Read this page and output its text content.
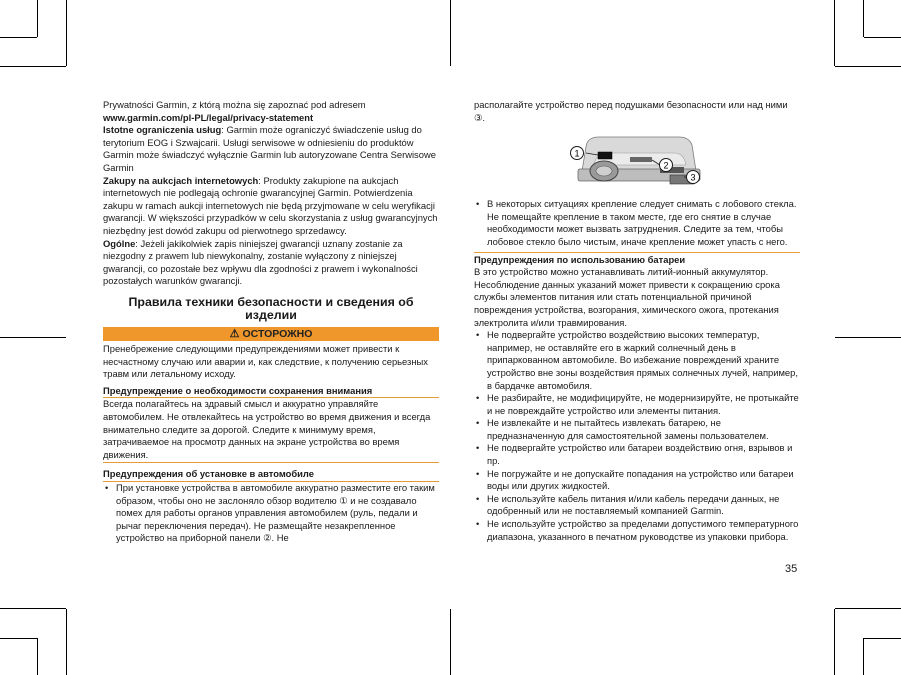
Prywatności Garmin, z którą można się zapoznać pod adresem
www.garmin.com/pl-PL/legal/privacy-statement

Istotne ograniczenia usług: Garmin może ograniczyć świadczenie usług do terytorium EOG i Szwajcarii. Usługi serwisowe w odniesieniu do produktów Garmin może świadczyć wyłącznie Garmin lub autoryzowane Centra Serwisowe Garmin

Zakupy na aukcjach internetowych: Produkty zakupione na aukcjach internetowych nie podlegają ochronie gwarancyjnej Garmin. Potwierdzenia zakupu w ramach aukcji internetowych nie będą przyjmowane w celu weryfikacji gwarancji. W większości przypadków w celu skorzystania z usług gwarancyjnych niezbędny jest dowód zakupu od pierwotnego sprzedawcy.

Ogólne: Jeżeli jakikolwiek zapis niniejszej gwarancji uznany zostanie za niezgodny z prawem lub niewykonalny, zostanie wyłączony z niniejszej gwarancji, co pozostałe bez wpływu dla zgodności z prawem i wykonalności pozostałych warunków gwarancji.

Правила техники безопасности и сведения об изделии
⚠ ОСТОРОЖНО

Пренебрежение следующими предупреждениями может привести к несчастному случаю или аварии и, как следствие, к получению серьезных травм или летальному исходу.

Предупреждение о необходимости сохранения внимания

Всегда полагайтесь на здравый смысл и аккуратно управляйте автомобилем. Не отвлекайтесь на устройство во время движения и всегда внимательно следите за дорогой. Следите к минимуму время, затрачиваемое на просмотр данных на экране устройства во время движения.

Предупреждения об установке в автомобиле
• При установке устройства в автомобиле аккуратно разместите его таким образом, чтобы оно не заслоняло обзор водителю ① и не создавало помех для работы органов управления автомобилем (руль, педали и рычаг переключения передач). Не размещайте незакрепленное устройство на приборной панели ②. Не

располагайте устройство перед подушками безопасности или над ними ③.

1
2
3
• В некоторых ситуациях крепление следует снимать с лобового стекла. Не помещайте крепление в таком месте, где его снятие в случае необходимости может вызвать затруднения. Следите за тем, чтобы лобовое стекло было чистым, иначе крепление может упасть с него.
Предупреждения по использованию батареи

В это устройство можно устанавливать литий-ионный аккумулятор. Несоблюдение данных указаний может привести к сокращению срока службы элементов питания или стать потенциальной причиной повреждения устройства, возгорания, химического ожога, протекания электролита и/или травмирования.

• Не подвергайте устройство воздействию высоких температур, например, не оставляйте его в жаркий солнечный день в припаркованном автомобиле. Во избежание повреждений храните устройство вне зоны воздействия прямых солнечных лучей, например, в бардачке автомобиля.
• Не разбирайте, не модифицируйте, не модернизируйте, не протыкайте и не повреждайте устройство или элементы питания.
• Не извлекайте и не пытайтесь извлекать батарею, не предназначенную для самостоятельной замены пользователем.
• Не подвергайте устройство или батареи воздействию огня, взрывов и пр.
• Не погружайте и не допускайте попадания на устройство или батареи воды или других жидкостей.
• Не используйте кабель питания и/или кабель передачи данных, не одобренный или не поставляемый компанией Garmin.
• Не используйте устройство за пределами допустимого температурного диапазона, указанного в печатном руководстве из упаковки прибора.
35
